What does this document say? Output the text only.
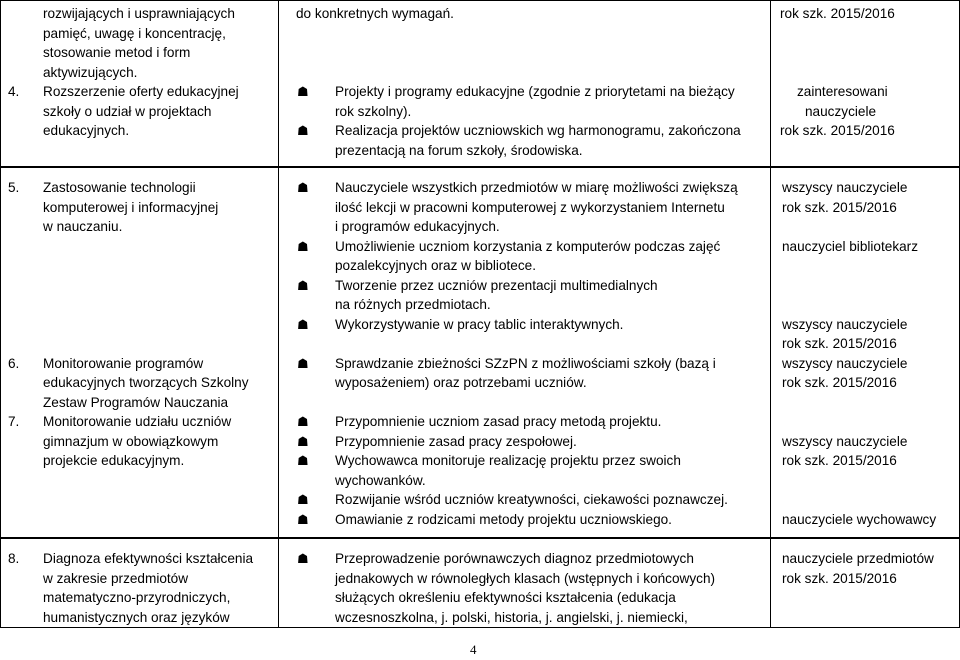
rozwijających i usprawniających
pamięć, uwagę i koncentrację,
stosowanie metod i form
aktywizujących.
do konkretnych wymagań.	rok szk. 2015/2016
4. Rozszerzenie oferty edukacyjnej
szkoły o udział w projektach
edukacyjnych.
☗ Projekty i programy edukacyjne (zgodnie z priorytetami na bieżący
rok szkolny).
☗ Realizacja projektów uczniowskich wg harmonogramu, zakończona
prezentacją na forum szkoły, środowiska.
zainteresowani
nauczyciele
rok szk. 2015/2016
5. Zastosowanie technologii
komputerowej i informacyjnej
w nauczaniu.
☗ Nauczyciele wszystkich przedmiotów w miarę możliwości zwiększą
ilość lekcji w pracowni komputerowej z wykorzystaniem Internetu
i programów edukacyjnych.
☗ Umożliwienie uczniom korzystania z komputerów podczas zajęć
pozalekcyjnych oraz w bibliotece.
☗ Tworzenie przez uczniów prezentacji multimedialnych
na różnych przedmiotach.
☗ Wykorzystywanie w pracy tablic interaktywnych.
wszyscy nauczyciele
rok szk. 2015/2016
nauczyciel bibliotekarz
wszyscy nauczyciele
rok szk. 2015/2016
6. Monitorowanie programów
edukacyjnych tworzących Szkolny
Zestaw Programów Nauczania
7. Monitorowanie udziału uczniów
gimnazjum w obowiązkowym
projekcie edukacyjnym.
☗ Sprawdzanie zbieżności SZzPN z możliwościami szkoły (bazą i
wyposażeniem) oraz potrzebami uczniów.
☗ Przypomnienie uczniom zasad pracy metodą projektu.
☗ Przypomnienie zasad pracy zespołowej.
☗ Wychowawca monitoruje realizację projektu przez swoich
wychowanków.
☗ Rozwijanie wśród uczniów kreatywności, ciekawości poznawczej.
☗ Omawianie z rodzicami metody projektu uczniowskiego.
wszyscy nauczyciele
rok szk. 2015/2016
wszyscy nauczyciele
rok szk. 2015/2016
nauczyciele wychowawcy
8. Diagnoza efektywności kształcenia
w zakresie przedmiotów
matematyczno-przyrodniczych,
humanistycznych oraz języków
☗ Przeprowadzenie porównawczych diagnoz przedmiotowych
jednakowych w równoległych klasach (wstępnych i końcowych)
służących określeniu efektywności kształcenia (edukacja
wczesnoszkolna, j. polski, historia, j. angielski, j. niemiecki,
nauczyciele przedmiotów
rok szk. 2015/2016
4
